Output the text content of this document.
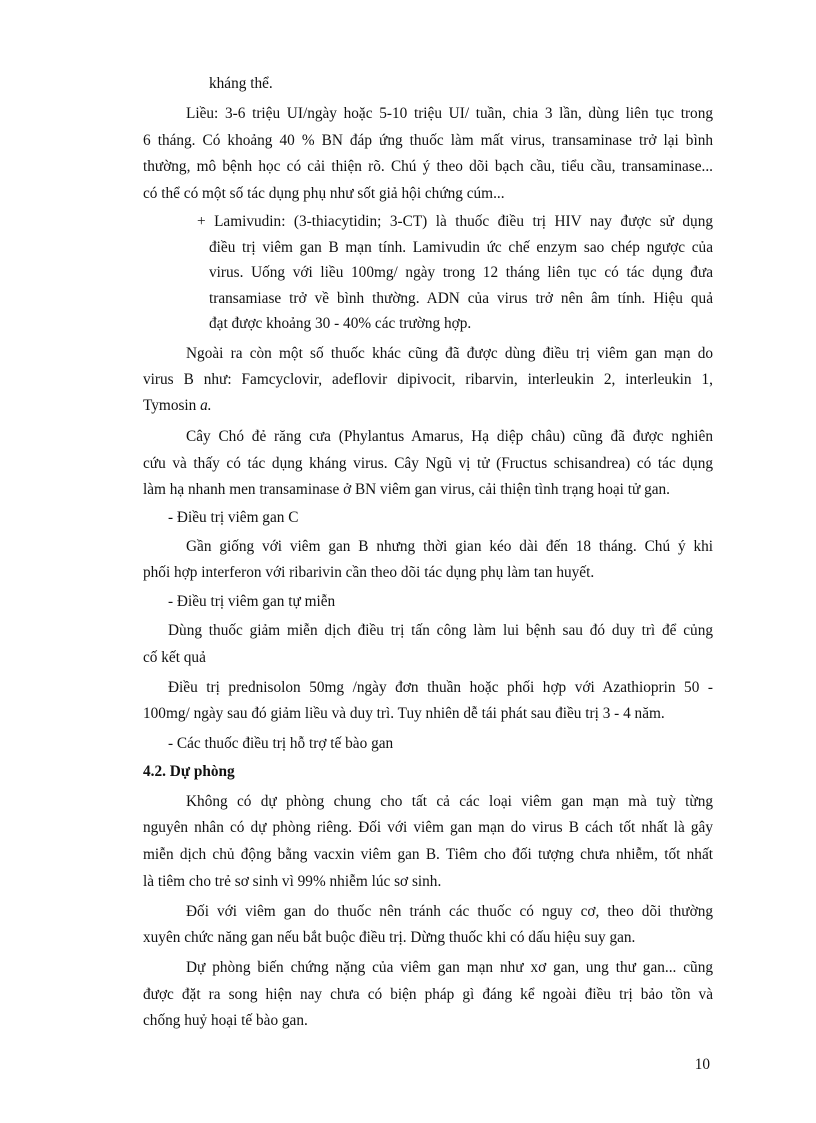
kháng thể.
Liều: 3-6 triệu UI/ngày hoặc 5-10 triệu UI/ tuần, chia 3 lần, dùng liên tục trong
6 tháng. Có khoảng 40 % BN đáp ứng thuốc làm mất virus, transaminase trở lại bình
thường, mô bệnh học có cải thiện rõ. Chú ý theo dõi bạch cầu, tiểu cầu, transaminase...
có thể có một số tác dụng phụ như sốt giả hội chứng cúm...
+ Lamivudin: (3-thiacytidin; 3-CT) là thuốc điều trị HIV nay được sử dụng
điều trị viêm gan B mạn tính. Lamivudin ức chế enzym sao chép ngược của
virus. Uống với liều 100mg/ ngày trong 12 tháng liên tục có tác dụng đưa
transamiase trở về bình thường. ADN của virus trở nên âm tính. Hiệu quả
đạt được khoảng 30 - 40% các trường hợp.
Ngoài ra còn một số thuốc khác cũng đã được dùng điều trị viêm gan mạn do
virus B như: Famcyclovir, adeflovir dipivocit, ribarvin, interleukin 2, interleukin 1,
Tymosin a.
Cây Chó đẻ răng cưa (Phylantus Amarus, Hạ diệp châu) cũng đã được nghiên
cứu và thấy có tác dụng kháng virus. Cây Ngũ vị tử (Fructus schisandrea) có tác dụng
làm hạ nhanh men transaminase ở BN viêm gan virus, cải thiện tình trạng hoại tử gan.
- Điều trị viêm gan C
Gần giống với viêm gan B nhưng thời gian kéo dài đến 18 tháng. Chú ý khi
phối hợp interferon với ribarivin cần theo dõi tác dụng phụ làm tan huyết.
- Điều trị viêm gan tự miễn
Dùng thuốc giảm miễn dịch điều trị tấn công làm lui bệnh sau đó duy trì để củng
cố kết quả
Điều trị prednisolon 50mg /ngày đơn thuần hoặc phối hợp với Azathioprin 50 -
100mg/ ngày sau đó giảm liều và duy trì. Tuy nhiên dễ tái phát sau điều trị 3 - 4 năm.
- Các thuốc điều trị hỗ trợ tế bào gan
4.2. Dự phòng
Không có dự phòng chung cho tất cả các loại viêm gan mạn mà tuỳ từng
nguyên nhân có dự phòng riêng. Đối với viêm gan mạn do virus B cách tốt nhất là gây
miễn dịch chủ động bằng vacxin viêm gan B. Tiêm cho đối tượng chưa nhiễm, tốt nhất
là tiêm cho trẻ sơ sinh vì 99% nhiễm lúc sơ sinh.
Đối với viêm gan do thuốc nên tránh các thuốc có nguy cơ, theo dõi thường
xuyên chức năng gan nếu bắt buộc điều trị. Dừng thuốc khi có dấu hiệu suy gan.
Dự phòng biến chứng nặng của viêm gan mạn như xơ gan, ung thư gan... cũng
được đặt ra song hiện nay chưa có biện pháp gì đáng kể ngoài điều trị bảo tồn và
chống huỷ hoại tế bào gan.
10
